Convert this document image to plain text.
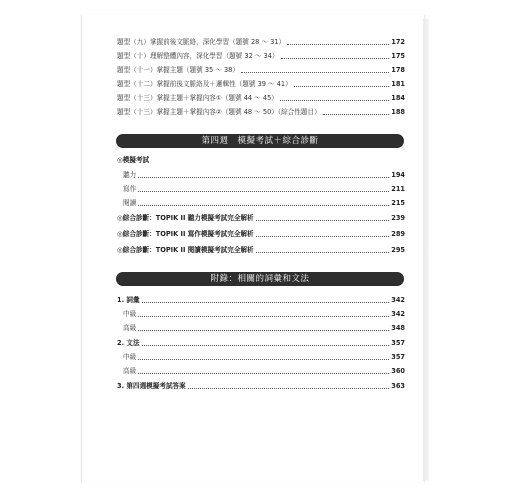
題型（九）掌握前後文脈絡，深化學習（題號 28 ～ 31）	172
題型（十）理解整體內容，深化學習（題號 32 ～ 34）	175
題型（十一）掌握主題（題號 35 ～ 38）	178
題型（十二）掌握前後文脈絡及＋邏輯性（題號 39 ～ 41）	181
題型（十三）掌握主題＋掌握內容①（題號 44 ～ 45）	184
題型（十三）掌握主題＋掌握內容②（題號 48 ～ 50）（綜合性題目）	188
第四週　模擬考試＋綜合診斷
◎模擬考試
聽力	194
寫作	211
閱讀	215
◎綜合診斷：TOPIK II 聽力模擬考試完全解析	239
◎綜合診斷：TOPIK II 寫作模擬考試完全解析	289
◎綜合診斷：TOPIK II 閱讀模擬考試完全解析	295
附錄：相關的詞彙和文法
1. 詞彙	342
中級	342
高級	348
2. 文法	357
中級	357
高級	360
3. 第四週模擬考試答案	363
